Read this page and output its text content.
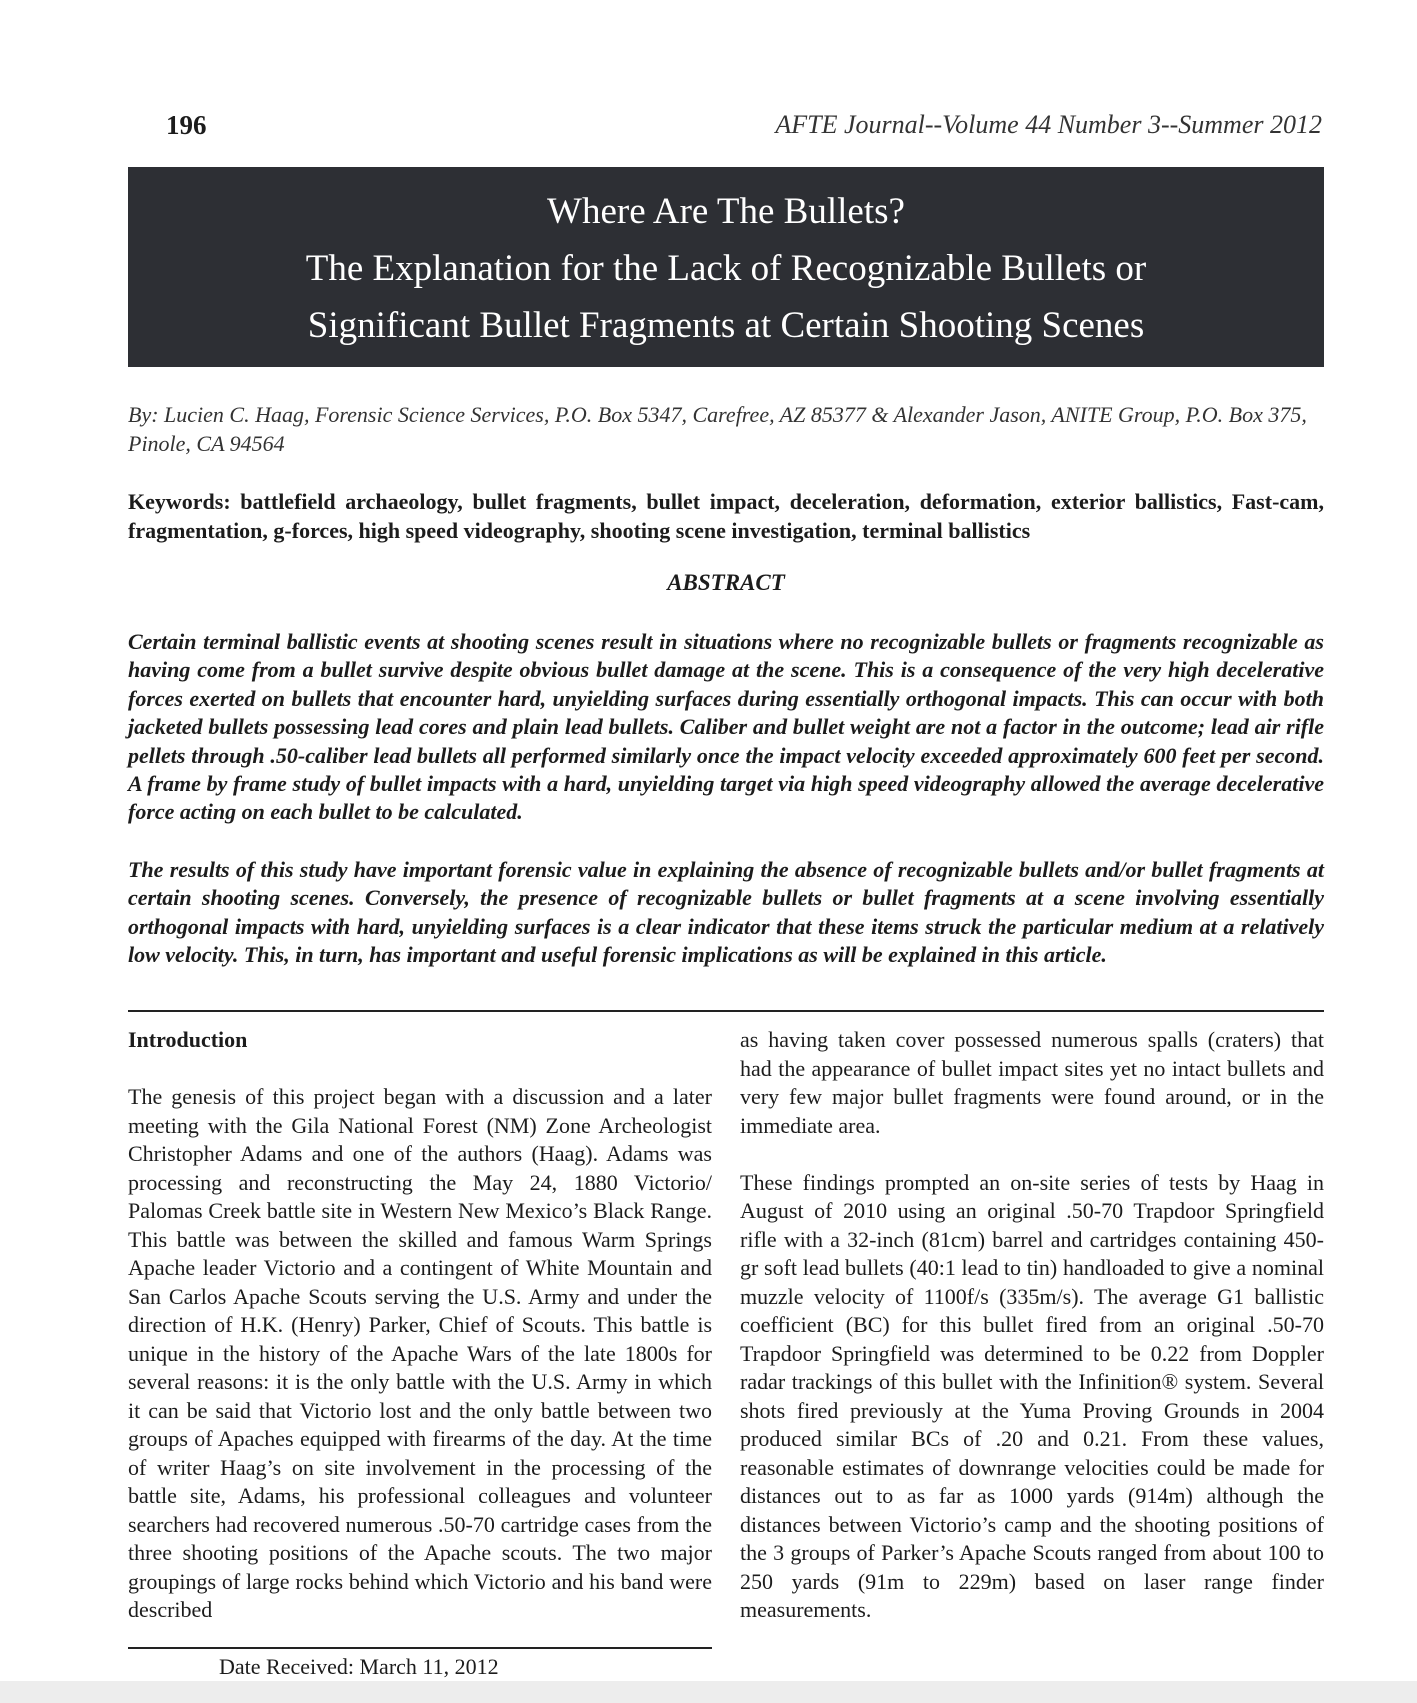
196	AFTE Journal--Volume 44 Number 3--Summer 2012
Where Are The Bullets?
The Explanation for the Lack of Recognizable Bullets or
Significant Bullet Fragments at Certain Shooting Scenes
By: Lucien C. Haag, Forensic Science Services, P.O. Box 5347, Carefree, AZ 85377 & Alexander Jason, ANITE Group, P.O. Box 375, Pinole, CA 94564
Keywords: battlefield archaeology, bullet fragments, bullet impact, deceleration, deformation, exterior ballistics, Fast-cam, fragmentation, g-forces, high speed videography, shooting scene investigation, terminal ballistics
ABSTRACT
Certain terminal ballistic events at shooting scenes result in situations where no recognizable bullets or fragments recognizable as having come from a bullet survive despite obvious bullet damage at the scene. This is a consequence of the very high decelerative forces exerted on bullets that encounter hard, unyielding surfaces during essentially orthogonal impacts. This can occur with both jacketed bullets possessing lead cores and plain lead bullets. Caliber and bullet weight are not a factor in the outcome; lead air rifle pellets through .50-caliber lead bullets all performed similarly once the impact velocity exceeded approximately 600 feet per second. A frame by frame study of bullet impacts with a hard, unyielding target via high speed videography allowed the average decelerative force acting on each bullet to be calculated.
The results of this study have important forensic value in explaining the absence of recognizable bullets and/or bullet fragments at certain shooting scenes. Conversely, the presence of recognizable bullets or bullet fragments at a scene involving essentially orthogonal impacts with hard, unyielding surfaces is a clear indicator that these items struck the particular medium at a relatively low velocity. This, in turn, has important and useful forensic implications as will be explained in this article.
Introduction

The genesis of this project began with a discussion and a later meeting with the Gila National Forest (NM) Zone Archeologist Christopher Adams and one of the authors (Haag). Adams was processing and reconstructing the May 24, 1880 Victorio/ Palomas Creek battle site in Western New Mexico’s Black Range. This battle was between the skilled and famous Warm Springs Apache leader Victorio and a contingent of White Mountain and San Carlos Apache Scouts serving the U.S. Army and under the direction of H.K. (Henry) Parker, Chief of Scouts. This battle is unique in the history of the Apache Wars of the late 1800s for several reasons: it is the only battle with the U.S. Army in which it can be said that Victorio lost and the only battle between two groups of Apaches equipped with firearms of the day. At the time of writer Haag’s on site involvement in the processing of the battle site, Adams, his professional colleagues and volunteer searchers had recovered numerous .50-70 cartridge cases from the three shooting positions of the Apache scouts. The two major groupings of large rocks behind which Victorio and his band were described

as having taken cover possessed numerous spalls (craters) that had the appearance of bullet impact sites yet no intact bullets and very few major bullet fragments were found around, or in the immediate area.

These findings prompted an on-site series of tests by Haag in August of 2010 using an original .50-70 Trapdoor Springfield rifle with a 32-inch (81cm) barrel and cartridges containing 450-gr soft lead bullets (40:1 lead to tin) handloaded to give a nominal muzzle velocity of 1100f/s (335m/s). The average G1 ballistic coefficient (BC) for this bullet fired from an original .50-70 Trapdoor Springfield was determined to be 0.22 from Doppler radar trackings of this bullet with the Infinition® system. Several shots fired previously at the Yuma Proving Grounds in 2004 produced similar BCs of .20 and 0.21. From these values, reasonable estimates of downrange velocities could be made for distances out to as far as 1000 yards (914m) although the distances between Victorio’s camp and the shooting positions of the 3 groups of Parker’s Apache Scouts ranged from about 100 to 250 yards (91m to 229m) based on laser range finder measurements.

Date Received: March 11, 2012
